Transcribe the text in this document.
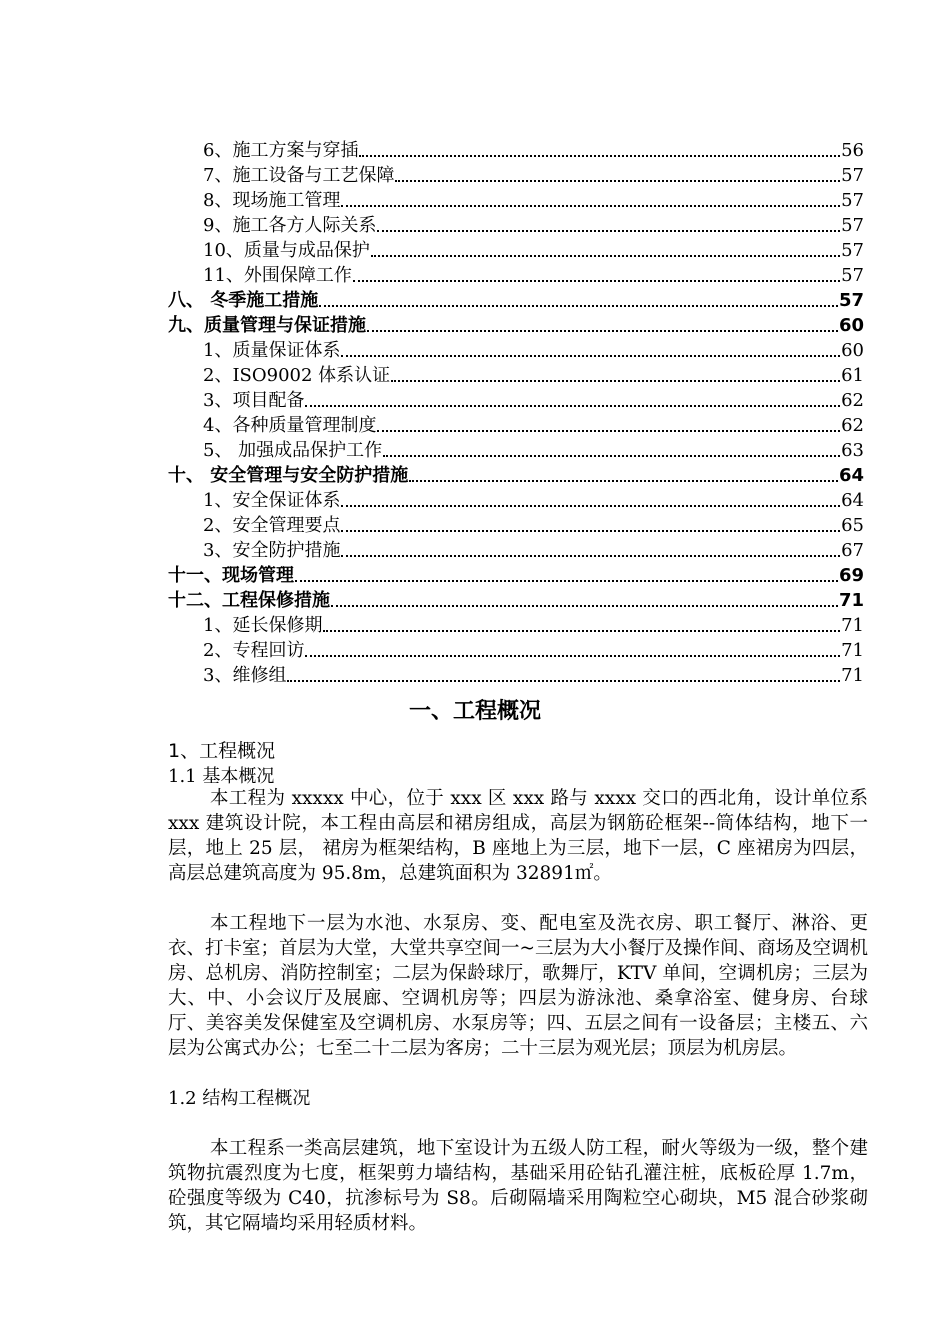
6、施工方案与穿插	56
7、施工设备与工艺保障	57
8、现场施工管理	57
9、施工各方人际关系	57
10、质量与成品保护	57
11、外围保障工作	57
八、 冬季施工措施	57
九、质量管理与保证措施	60
1、质量保证体系	60
2、ISO9002 体系认证	61
3、项目配备	62
4、各种质量管理制度	62
5、 加强成品保护工作	63
十、 安全管理与安全防护措施	64
1、安全保证体系	64
2、安全管理要点	65
3、安全防护措施	67
十一、现场管理	69
十二、工程保修措施	71
1、延长保修期	71
2、专程回访	71
3、维修组	71
一、工程概况
1、工程概况
1.1 基本概况
本工程为 xxxxx 中心，位于 xxx 区 xxx 路与 xxxx 交口的西北角，设计单位系 xxx 建筑设计院，本工程由高层和裙房组成，高层为钢筋砼框架--筒体结构，地下一层，地上 25 层， 裙房为框架结构，B 座地上为三层，地下一层，C 座裙房为四层，高层总建筑高度为 95.8m，总建筑面积为 32891㎡。
本工程地下一层为水池、水泵房、变、配电室及洗衣房、职工餐厅、淋浴、更衣、打卡室；首层为大堂，大堂共享空间一~三层为大小餐厅及操作间、商场及空调机房、总机房、消防控制室；二层为保龄球厅，歌舞厅，KTV 单间，空调机房；三层为大、中、小会议厅及展廊、空调机房等；四层为游泳池、桑拿浴室、健身房、台球厅、美容美发保健室及空调机房、水泵房等；四、五层之间有一设备层；主楼五、六层为公寓式办公；七至二十二层为客房；二十三层为观光层；顶层为机房层。
1.2 结构工程概况
本工程系一类高层建筑，地下室设计为五级人防工程，耐火等级为一级，整个建筑物抗震烈度为七度，框架剪力墙结构，基础采用砼钻孔灌注桩，底板砼厚 1.7m，砼强度等级为 C40，抗渗标号为 S8。后砌隔墙采用陶粒空心砌块，M5 混合砂浆砌筑，其它隔墙均采用轻质材料。
